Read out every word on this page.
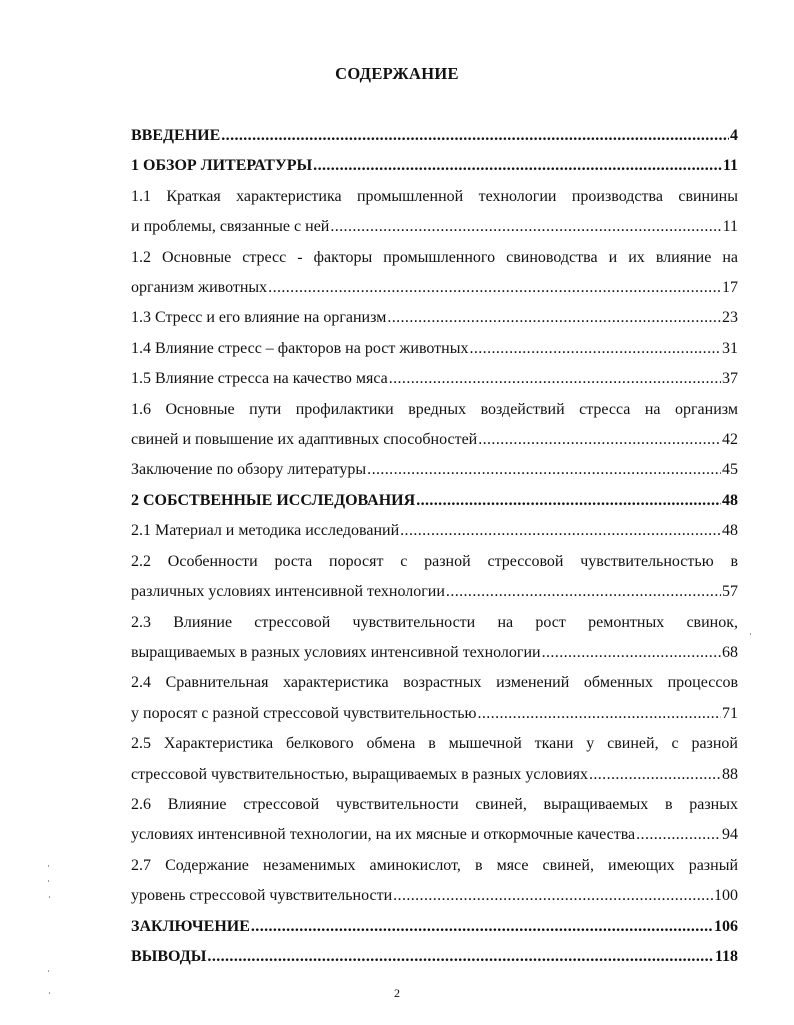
СОДЕРЖАНИЕ
ВВЕДЕНИЕ .....	4
1 ОБЗОР ЛИТЕРАТУРЫ .....	11
1.1 Краткая характеристика промышленной технологии производства свинины
и проблемы, связанные с ней .....	11
1.2 Основные стресс - факторы промышленного свиноводства и их влияние на
организм животных .....	17
1.3 Стресс и его влияние на организм .....	23
1.4 Влияние стресс – факторов на рост животных .....	31
1.5 Влияние стресса на качество мяса .....	37
1.6 Основные пути профилактики вредных воздействий стресса на организм
свиней и повышение их адаптивных способностей .....	42
Заключение по обзору литературы .....	45
2 СОБСТВЕННЫЕ ИССЛЕДОВАНИЯ .....	48
2.1 Материал и методика исследований .....	48
2.2 Особенности роста поросят с разной стрессовой чувствительностью в
различных условиях интенсивной технологии .....	57
2.3 Влияние стрессовой чувствительности на рост ремонтных свинок,
выращиваемых в разных условиях интенсивной технологии .....	68
2.4 Сравнительная характеристика возрастных изменений обменных процессов
у поросят с разной стрессовой чувствительностью .....	71
2.5 Характеристика белкового обмена в мышечной ткани у свиней, с разной
стрессовой чувствительностью, выращиваемых в разных условиях .....	88
2.6 Влияние стрессовой чувствительности свиней, выращиваемых в разных
условиях интенсивной технологии, на их мясные и откормочные качества .....	94
2.7 Содержание незаменимых аминокислот, в мясе свиней, имеющих разный
уровень стрессовой чувствительности .....	100
ЗАКЛЮЧЕНИЕ .....	106
ВЫВОДЫ .....	118
2
